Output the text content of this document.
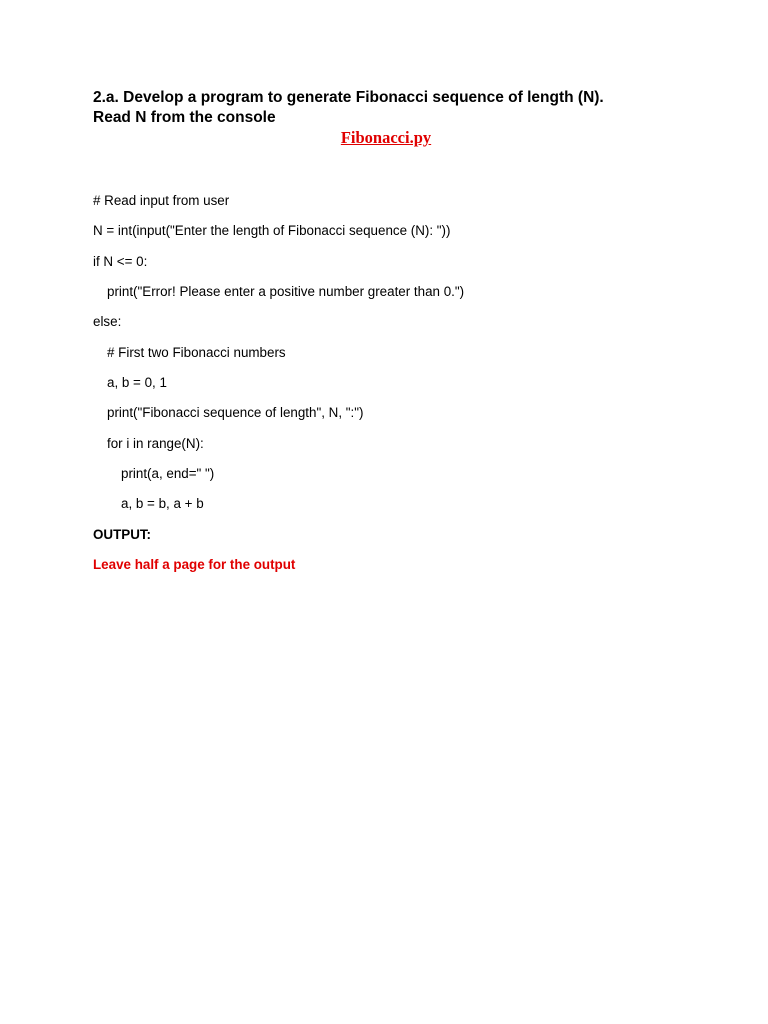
2.a. Develop a program to generate Fibonacci sequence of length (N).
Read N from the console
Fibonacci.py
# Read input from user
N = int(input("Enter the length of Fibonacci sequence (N): "))
if N <= 0:
print("Error! Please enter a positive number greater than 0.")
else:
# First two Fibonacci numbers
a, b = 0, 1
print("Fibonacci sequence of length", N, ":")
for i in range(N):
print(a, end=" ")
a, b = b, a + b
OUTPUT:
Leave half a page for the output
